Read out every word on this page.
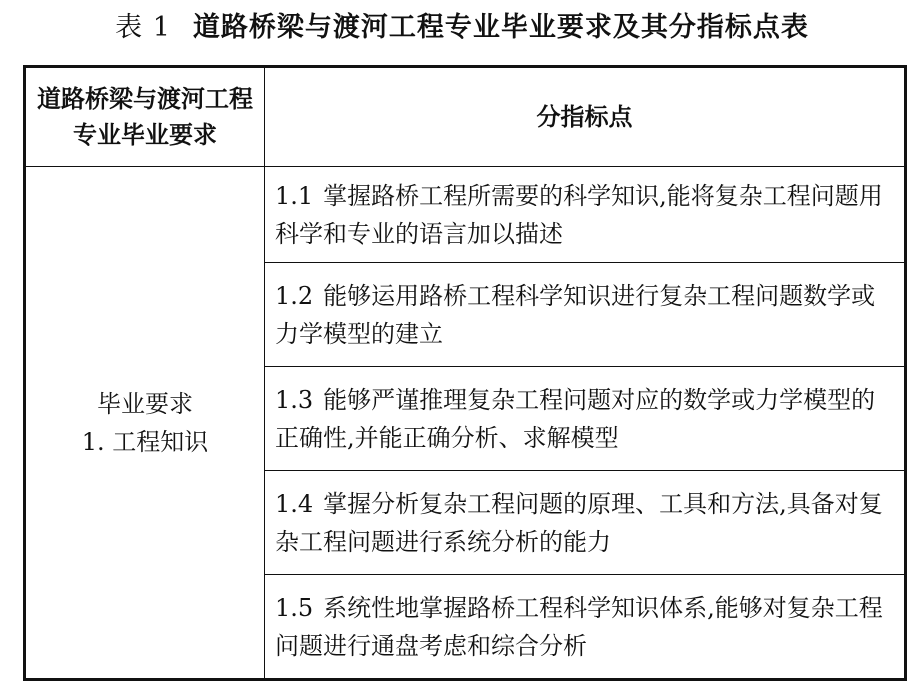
表 1 道路桥梁与渡河工程专业毕业要求及其分指标点表
道路桥梁与渡河工程专业毕业要求	分指标点

毕业要求
1. 工程知识	1.1 掌握路桥工程所需要的科学知识,能将复杂工程问题用科学和专业的语言加以描述
	1.2 能够运用路桥工程科学知识进行复杂工程问题数学或力学模型的建立
	1.3 能够严谨推理复杂工程问题对应的数学或力学模型的正确性,并能正确分析、求解模型
	1.4 掌握分析复杂工程问题的原理、工具和方法,具备对复杂工程问题进行系统分析的能力
	1.5 系统性地掌握路桥工程科学知识体系,能够对复杂工程问题进行通盘考虑和综合分析
